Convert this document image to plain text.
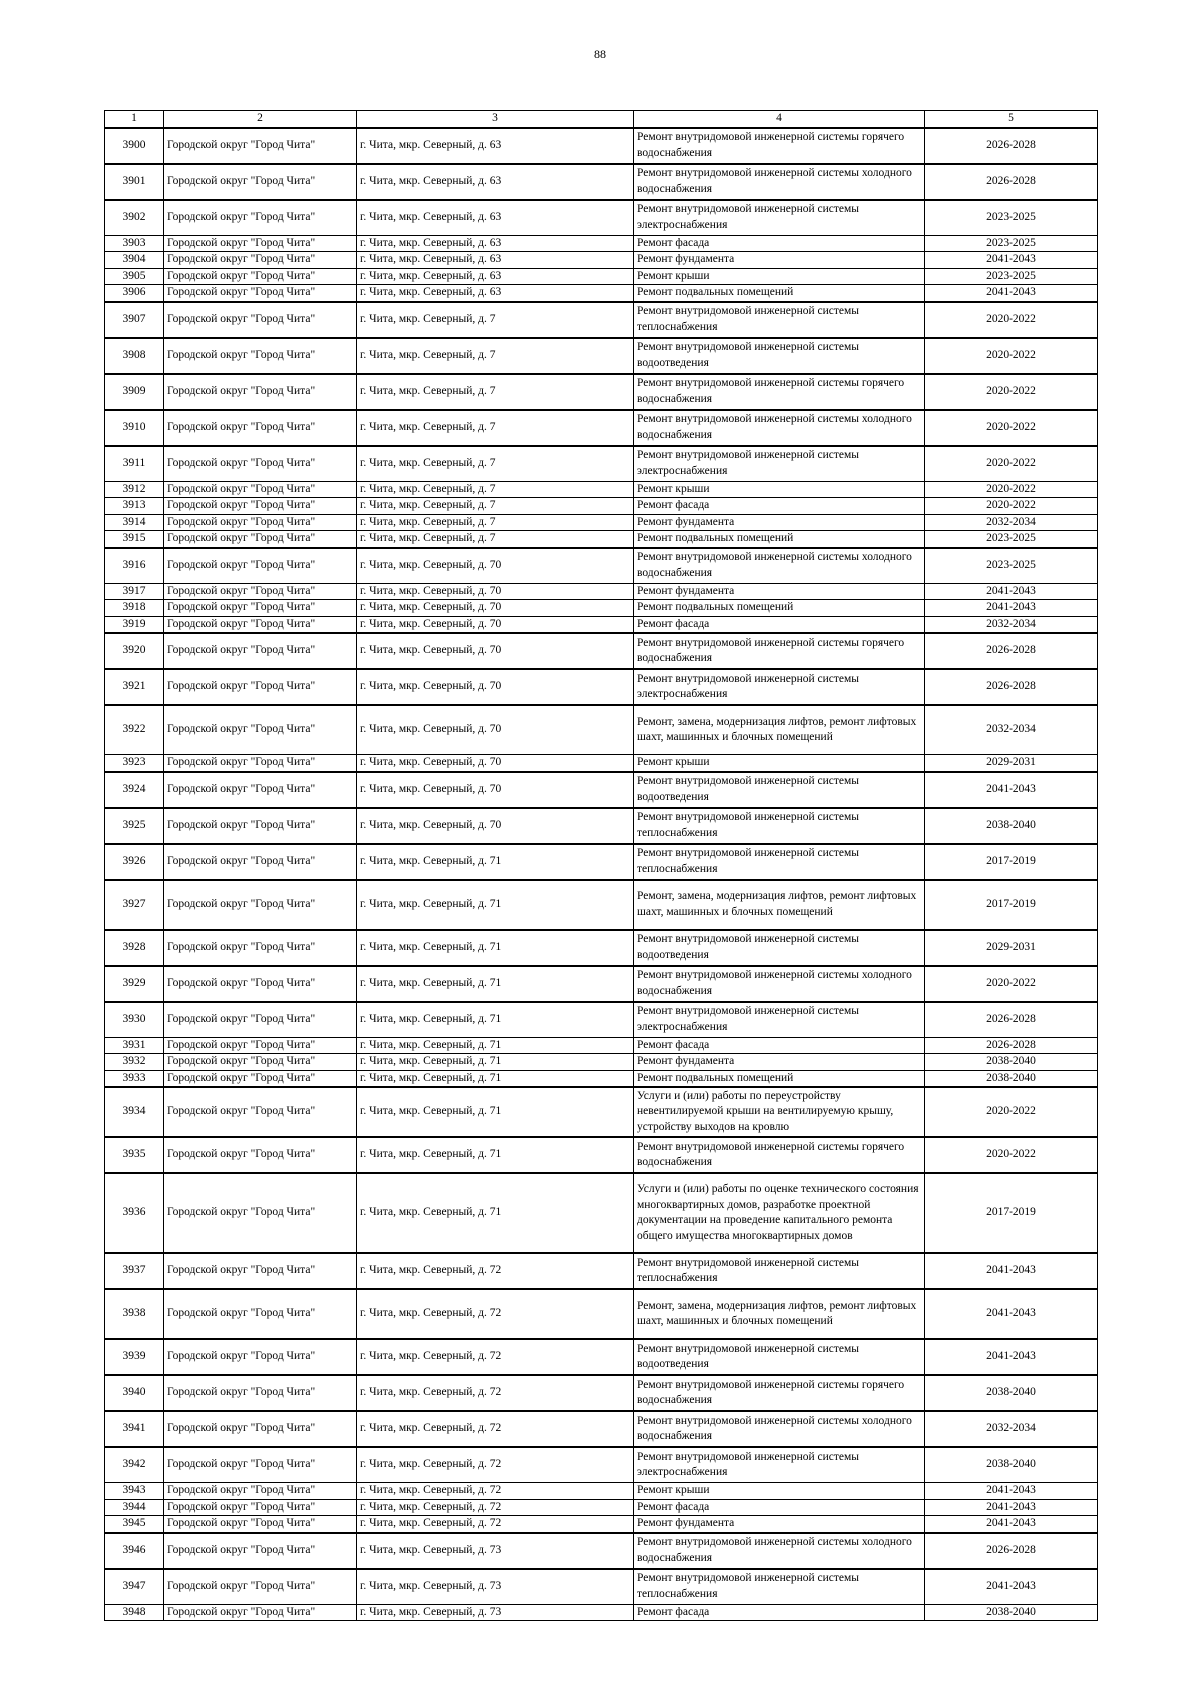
88
1	2	3	4	5
3900	Городской округ "Город Чита"	г. Чита, мкр. Северный, д. 63	Ремонт внутридомовой инженерной системы горячего водоснабжения	2026-2028
3901	Городской округ "Город Чита"	г. Чита, мкр. Северный, д. 63	Ремонт внутридомовой инженерной системы холодного водоснабжения	2026-2028
3902	Городской округ "Город Чита"	г. Чита, мкр. Северный, д. 63	Ремонт внутридомовой инженерной системы электроснабжения	2023-2025
3903	Городской округ "Город Чита"	г. Чита, мкр. Северный, д. 63	Ремонт фасада	2023-2025
3904	Городской округ "Город Чита"	г. Чита, мкр. Северный, д. 63	Ремонт фундамента	2041-2043
3905	Городской округ "Город Чита"	г. Чита, мкр. Северный, д. 63	Ремонт крыши	2023-2025
3906	Городской округ "Город Чита"	г. Чита, мкр. Северный, д. 63	Ремонт подвальных помещений	2041-2043
3907	Городской округ "Город Чита"	г. Чита, мкр. Северный, д. 7	Ремонт внутридомовой инженерной системы теплоснабжения	2020-2022
3908	Городской округ "Город Чита"	г. Чита, мкр. Северный, д. 7	Ремонт внутридомовой инженерной системы водоотведения	2020-2022
3909	Городской округ "Город Чита"	г. Чита, мкр. Северный, д. 7	Ремонт внутридомовой инженерной системы горячего водоснабжения	2020-2022
3910	Городской округ "Город Чита"	г. Чита, мкр. Северный, д. 7	Ремонт внутридомовой инженерной системы холодного водоснабжения	2020-2022
3911	Городской округ "Город Чита"	г. Чита, мкр. Северный, д. 7	Ремонт внутридомовой инженерной системы электроснабжения	2020-2022
3912	Городской округ "Город Чита"	г. Чита, мкр. Северный, д. 7	Ремонт крыши	2020-2022
3913	Городской округ "Город Чита"	г. Чита, мкр. Северный, д. 7	Ремонт фасада	2020-2022
3914	Городской округ "Город Чита"	г. Чита, мкр. Северный, д. 7	Ремонт фундамента	2032-2034
3915	Городской округ "Город Чита"	г. Чита, мкр. Северный, д. 7	Ремонт подвальных помещений	2023-2025
3916	Городской округ "Город Чита"	г. Чита, мкр. Северный, д. 70	Ремонт внутридомовой инженерной системы холодного водоснабжения	2023-2025
3917	Городской округ "Город Чита"	г. Чита, мкр. Северный, д. 70	Ремонт фундамента	2041-2043
3918	Городской округ "Город Чита"	г. Чита, мкр. Северный, д. 70	Ремонт подвальных помещений	2041-2043
3919	Городской округ "Город Чита"	г. Чита, мкр. Северный, д. 70	Ремонт фасада	2032-2034
3920	Городской округ "Город Чита"	г. Чита, мкр. Северный, д. 70	Ремонт внутридомовой инженерной системы горячего водоснабжения	2026-2028
3921	Городской округ "Город Чита"	г. Чита, мкр. Северный, д. 70	Ремонт внутридомовой инженерной системы электроснабжения	2026-2028
3922	Городской округ "Город Чита"	г. Чита, мкр. Северный, д. 70	Ремонт, замена, модернизация лифтов, ремонт лифтовых шахт, машинных и блочных помещений	2032-2034
3923	Городской округ "Город Чита"	г. Чита, мкр. Северный, д. 70	Ремонт крыши	2029-2031
3924	Городской округ "Город Чита"	г. Чита, мкр. Северный, д. 70	Ремонт внутридомовой инженерной системы водоотведения	2041-2043
3925	Городской округ "Город Чита"	г. Чита, мкр. Северный, д. 70	Ремонт внутридомовой инженерной системы теплоснабжения	2038-2040
3926	Городской округ "Город Чита"	г. Чита, мкр. Северный, д. 71	Ремонт внутридомовой инженерной системы теплоснабжения	2017-2019
3927	Городской округ "Город Чита"	г. Чита, мкр. Северный, д. 71	Ремонт, замена, модернизация лифтов, ремонт лифтовых шахт, машинных и блочных помещений	2017-2019
3928	Городской округ "Город Чита"	г. Чита, мкр. Северный, д. 71	Ремонт внутридомовой инженерной системы водоотведения	2029-2031
3929	Городской округ "Город Чита"	г. Чита, мкр. Северный, д. 71	Ремонт внутридомовой инженерной системы холодного водоснабжения	2020-2022
3930	Городской округ "Город Чита"	г. Чита, мкр. Северный, д. 71	Ремонт внутридомовой инженерной системы электроснабжения	2026-2028
3931	Городской округ "Город Чита"	г. Чита, мкр. Северный, д. 71	Ремонт фасада	2026-2028
3932	Городской округ "Город Чита"	г. Чита, мкр. Северный, д. 71	Ремонт фундамента	2038-2040
3933	Городской округ "Город Чита"	г. Чита, мкр. Северный, д. 71	Ремонт подвальных помещений	2038-2040
3934	Городской округ "Город Чита"	г. Чита, мкр. Северный, д. 71	Услуги и (или) работы по переустройству невентилируемой крыши на вентилируемую крышу, устройству выходов на кровлю	2020-2022
3935	Городской округ "Город Чита"	г. Чита, мкр. Северный, д. 71	Ремонт внутридомовой инженерной системы горячего водоснабжения	2020-2022
3936	Городской округ "Город Чита"	г. Чита, мкр. Северный, д. 71	Услуги и (или) работы по оценке технического состояния многоквартирных домов, разработке проектной документации на проведение капитального ремонта общего имущества многоквартирных домов	2017-2019
3937	Городской округ "Город Чита"	г. Чита, мкр. Северный, д. 72	Ремонт внутридомовой инженерной системы теплоснабжения	2041-2043
3938	Городской округ "Город Чита"	г. Чита, мкр. Северный, д. 72	Ремонт, замена, модернизация лифтов, ремонт лифтовых шахт, машинных и блочных помещений	2041-2043
3939	Городской округ "Город Чита"	г. Чита, мкр. Северный, д. 72	Ремонт внутридомовой инженерной системы водоотведения	2041-2043
3940	Городской округ "Город Чита"	г. Чита, мкр. Северный, д. 72	Ремонт внутридомовой инженерной системы горячего водоснабжения	2038-2040
3941	Городской округ "Город Чита"	г. Чита, мкр. Северный, д. 72	Ремонт внутридомовой инженерной системы холодного водоснабжения	2032-2034
3942	Городской округ "Город Чита"	г. Чита, мкр. Северный, д. 72	Ремонт внутридомовой инженерной системы электроснабжения	2038-2040
3943	Городской округ "Город Чита"	г. Чита, мкр. Северный, д. 72	Ремонт крыши	2041-2043
3944	Городской округ "Город Чита"	г. Чита, мкр. Северный, д. 72	Ремонт фасада	2041-2043
3945	Городской округ "Город Чита"	г. Чита, мкр. Северный, д. 72	Ремонт фундамента	2041-2043
3946	Городской округ "Город Чита"	г. Чита, мкр. Северный, д. 73	Ремонт внутридомовой инженерной системы холодного водоснабжения	2026-2028
3947	Городской округ "Город Чита"	г. Чита, мкр. Северный, д. 73	Ремонт внутридомовой инженерной системы теплоснабжения	2041-2043
3948	Городской округ "Город Чита"	г. Чита, мкр. Северный, д. 73	Ремонт фасада	2038-2040
